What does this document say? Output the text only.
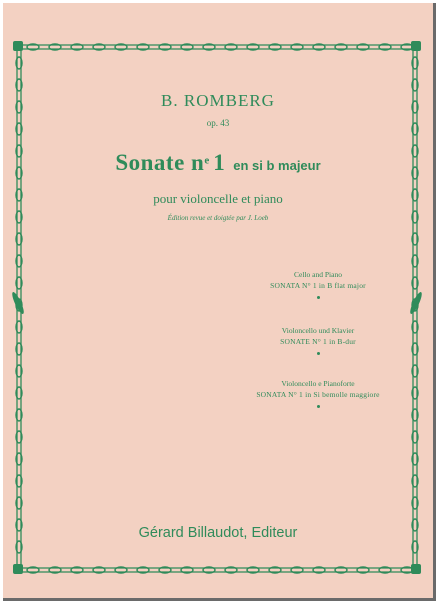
B. ROMBERG
op. 43
Sonate $n^e$ 1 en si b majeur
pour violoncelle et piano
Édition revue et doigtée par J. Loeb
Cello and Piano
SONATA N° 1 in B flat major
Violoncello und Klavier
SONATE N° 1 in B-dur
Violoncello e Pianoforte
SONATA N° 1 in Si bemolle maggiore
Gérard Billaudot, Editeur
